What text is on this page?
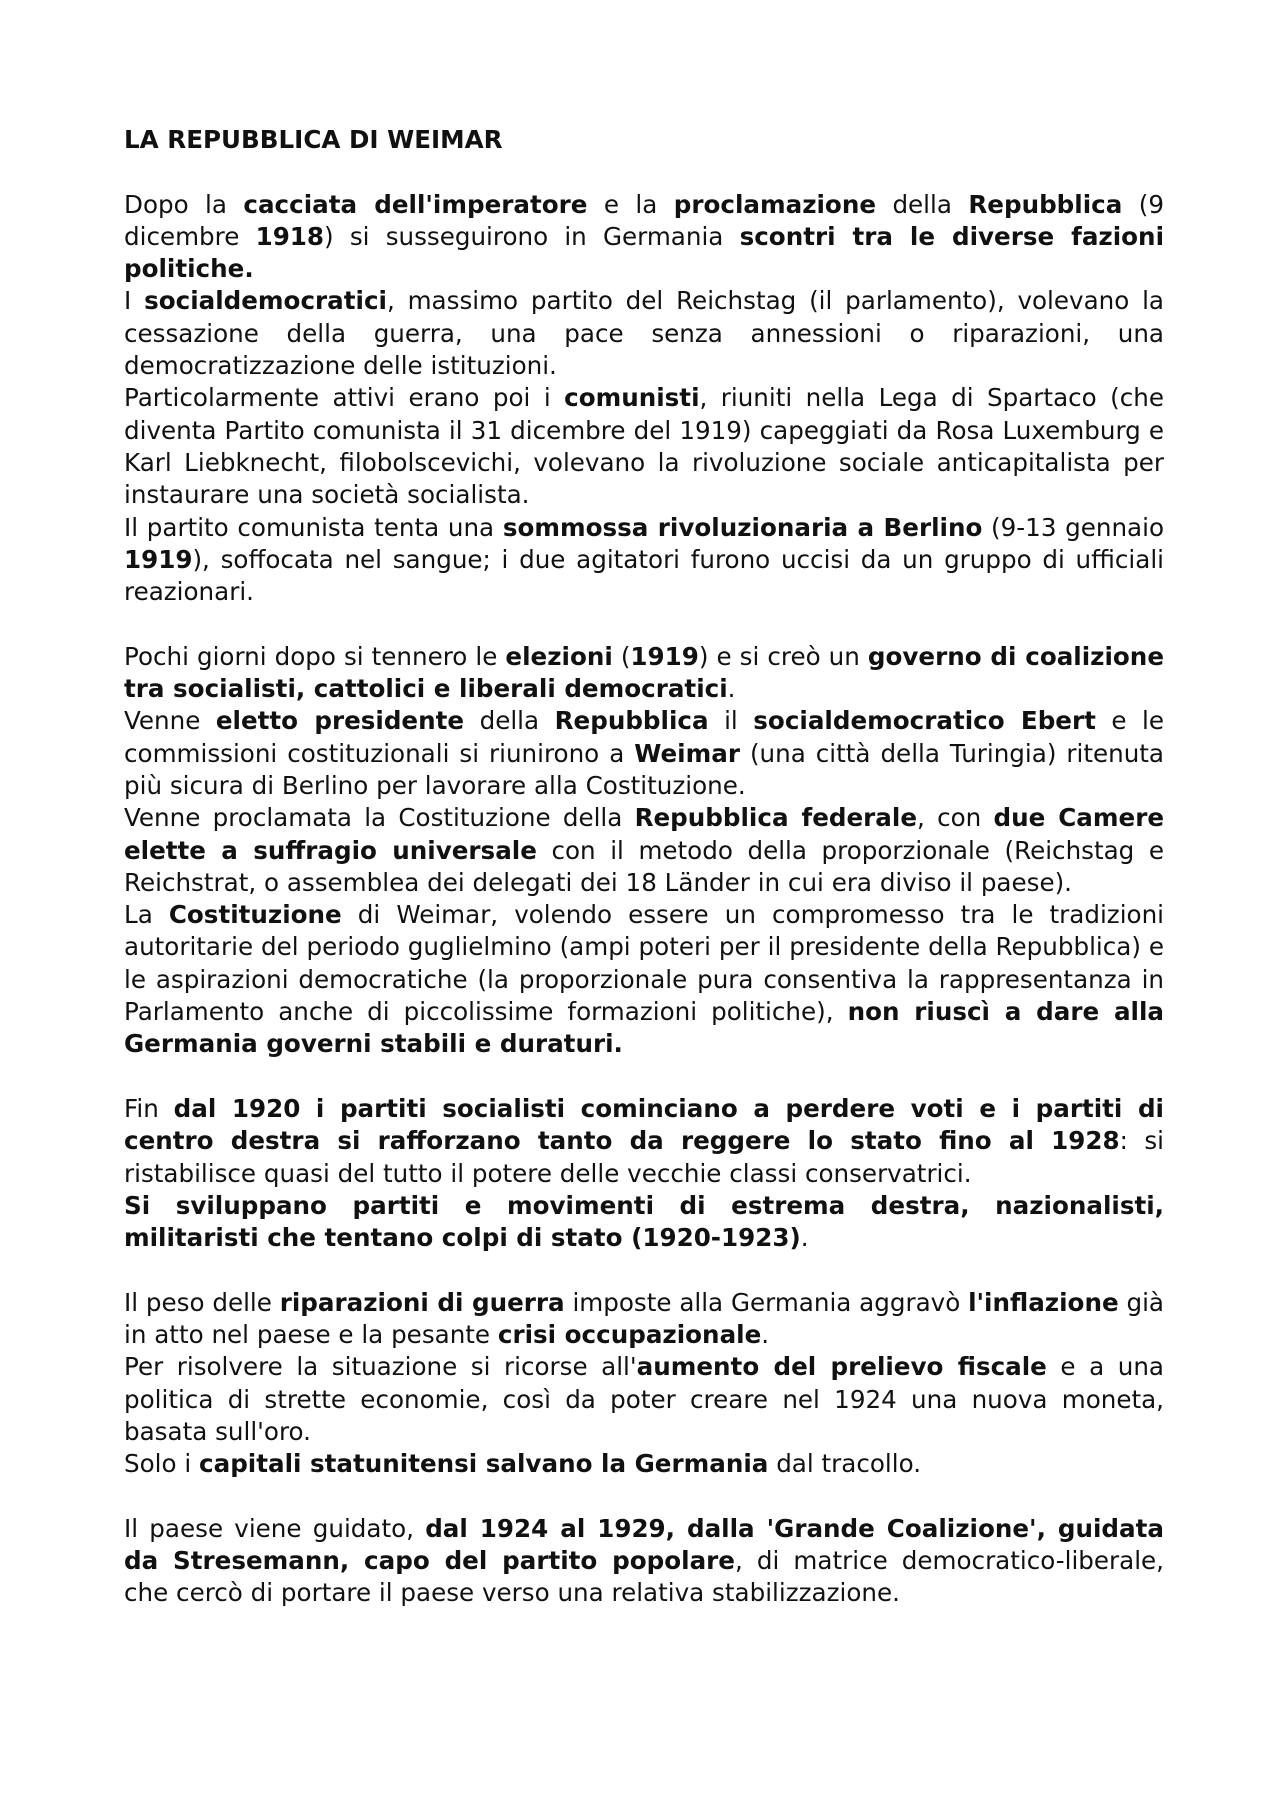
LA REPUBBLICA DI WEIMAR

Dopo la cacciata dell'imperatore e la proclamazione della Repubblica (9 dicembre 1918) si susseguirono in Germania scontri tra le diverse fazioni politiche.

I socialdemocratici, massimo partito del Reichstag (il parlamento), volevano la cessazione della guerra, una pace senza annessioni o riparazioni, una democratizzazione delle istituzioni.

Particolarmente attivi erano poi i comunisti, riuniti nella Lega di Spartaco (che diventa Partito comunista il 31 dicembre del 1919) capeggiati da Rosa Luxemburg e Karl Liebknecht, filobolscevichi, volevano la rivoluzione sociale anticapitalista per instaurare una società socialista.

Il partito comunista tenta una sommossa rivoluzionaria a Berlino (9-13 gennaio 1919), soffocata nel sangue; i due agitatori furono uccisi da un gruppo di ufficiali reazionari.

Pochi giorni dopo si tennero le elezioni (1919) e si creò un governo di coalizione tra socialisti, cattolici e liberali democratici.

Venne eletto presidente della Repubblica il socialdemocratico Ebert e le commissioni costituzionali si riunirono a Weimar (una città della Turingia) ritenuta più sicura di Berlino per lavorare alla Costituzione.

Venne proclamata la Costituzione della Repubblica federale, con due Camere elette a suffragio universale con il metodo della proporzionale (Reichstag e Reichstrat, o assemblea dei delegati dei 18 Länder in cui era diviso il paese).

La Costituzione di Weimar, volendo essere un compromesso tra le tradizioni autoritarie del periodo guglielmino (ampi poteri per il presidente della Repubblica) e le aspirazioni democratiche (la proporzionale pura consentiva la rappresentanza in Parlamento anche di piccolissime formazioni politiche), non riuscì a dare alla Germania governi stabili e duraturi.

Fin dal 1920 i partiti socialisti cominciano a perdere voti e i partiti di centro destra si rafforzano tanto da reggere lo stato fino al 1928: si ristabilisce quasi del tutto il potere delle vecchie classi conservatrici.

Si sviluppano partiti e movimenti di estrema destra, nazionalisti, militaristi che tentano colpi di stato (1920-1923).

Il peso delle riparazioni di guerra imposte alla Germania aggravò l'inflazione già in atto nel paese e la pesante crisi occupazionale.

Per risolvere la situazione si ricorse all'aumento del prelievo fiscale e a una politica di strette economie, così da poter creare nel 1924 una nuova moneta, basata sull'oro.

Solo i capitali statunitensi salvano la Germania dal tracollo.

Il paese viene guidato, dal 1924 al 1929, dalla 'Grande Coalizione', guidata da Stresemann, capo del partito popolare, di matrice democratico-liberale, che cercò di portare il paese verso una relativa stabilizzazione.
